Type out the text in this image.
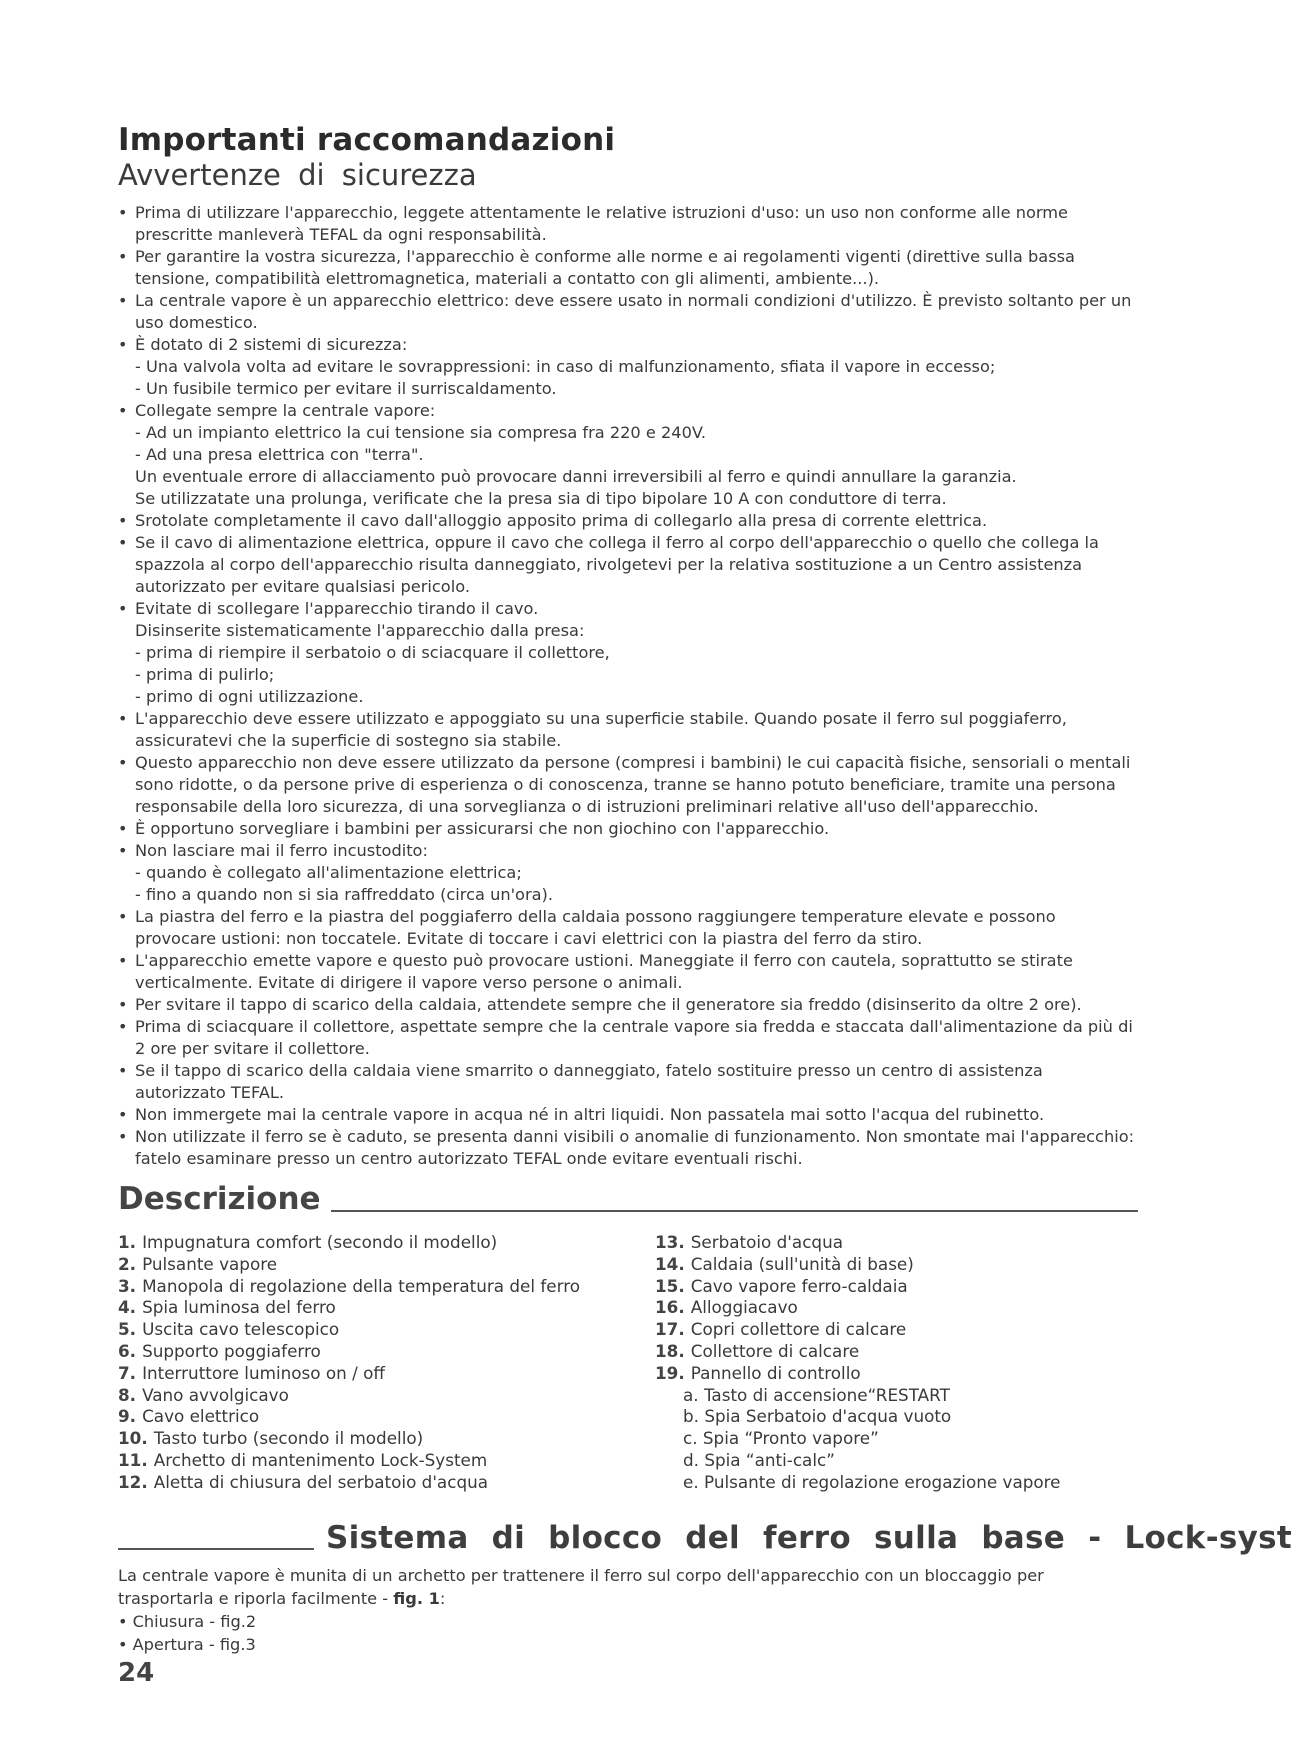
Importanti raccomandazioni
Avvertenze di sicurezza
• Prima di utilizzare l'apparecchio, leggete attentamente le relative istruzioni d'uso: un uso non conforme alle norme prescritte manleverà TEFAL da ogni responsabilità.
• Per garantire la vostra sicurezza, l'apparecchio è conforme alle norme e ai regolamenti vigenti (direttive sulla bassa tensione, compatibilità elettromagnetica, materiali a contatto con gli alimenti, ambiente...).
• La centrale vapore è un apparecchio elettrico: deve essere usato in normali condizioni d'utilizzo. È previsto soltanto per un uso domestico.
• È dotato di 2 sistemi di sicurezza:
- Una valvola volta ad evitare le sovrappressioni: in caso di malfunzionamento, sfiata il vapore in eccesso;
- Un fusibile termico per evitare il surriscaldamento.
• Collegate sempre la centrale vapore:
- Ad un impianto elettrico la cui tensione sia compresa fra 220 e 240V.
- Ad una presa elettrica con "terra".
Un eventuale errore di allacciamento può provocare danni irreversibili al ferro e quindi annullare la garanzia.
Se utilizzatate una prolunga, verificate che la presa sia di tipo bipolare 10 A con conduttore di terra.
• Srotolate completamente il cavo dall'alloggio apposito prima di collegarlo alla presa di corrente elettrica.
• Se il cavo di alimentazione elettrica, oppure il cavo che collega il ferro al corpo dell'apparecchio o quello che collega la spazzola al corpo dell'apparecchio risulta danneggiato, rivolgetevi per la relativa sostituzione a un Centro assistenza autorizzato per evitare qualsiasi pericolo.
• Evitate di scollegare l'apparecchio tirando il cavo.
Disinserite sistematicamente l'apparecchio dalla presa:
- prima di riempire il serbatoio o di sciacquare il collettore,
- prima di pulirlo;
- primo di ogni utilizzazione.
• L'apparecchio deve essere utilizzato e appoggiato su una superficie stabile. Quando posate il ferro sul poggiaferro, assicuratevi che la superficie di sostegno sia stabile.
• Questo apparecchio non deve essere utilizzato da persone (compresi i bambini) le cui capacità fisiche, sensoriali o mentali sono ridotte, o da persone prive di esperienza o di conoscenza, tranne se hanno potuto beneficiare, tramite una persona responsabile della loro sicurezza, di una sorveglianza o di istruzioni preliminari relative all'uso dell'apparecchio.
• È opportuno sorvegliare i bambini per assicurarsi che non giochino con l'apparecchio.
• Non lasciare mai il ferro incustodito:
- quando è collegato all'alimentazione elettrica;
- fino a quando non si sia raffreddato (circa un'ora).
• La piastra del ferro e la piastra del poggiaferro della caldaia possono raggiungere temperature elevate e possono provocare ustioni: non toccatele. Evitate di toccare i cavi elettrici con la piastra del ferro da stiro.
• L'apparecchio emette vapore e questo può provocare ustioni. Maneggiate il ferro con cautela, soprattutto se stirate verticalmente. Evitate di dirigere il vapore verso persone o animali.
• Per svitare il tappo di scarico della caldaia, attendete sempre che il generatore sia freddo (disinserito da oltre 2 ore).
• Prima di sciacquare il collettore, aspettate sempre che la centrale vapore sia fredda e staccata dall'alimentazione da più di 2 ore per svitare il collettore.
• Se il tappo di scarico della caldaia viene smarrito o danneggiato, fatelo sostituire presso un centro di assistenza autorizzato TEFAL.
• Non immergete mai la centrale vapore in acqua né in altri liquidi. Non passatela mai sotto l'acqua del rubinetto.
• Non utilizzate il ferro se è caduto, se presenta danni visibili o anomalie di funzionamento. Non smontate mai l'apparecchio: fatelo esaminare presso un centro autorizzato TEFAL onde evitare eventuali rischi.
Descrizione
1. Impugnatura comfort (secondo il modello)
2. Pulsante vapore
3. Manopola di regolazione della temperatura del ferro
4. Spia luminosa del ferro
5. Uscita cavo telescopico
6. Supporto poggiaferro
7. Interruttore luminoso on / off
8. Vano avvolgicavo
9. Cavo elettrico
10. Tasto turbo (secondo il modello)
11. Archetto di mantenimento Lock-System
12. Aletta di chiusura del serbatoio d'acqua
13. Serbatoio d'acqua
14. Caldaia (sull'unità di base)
15. Cavo vapore ferro-caldaia
16. Alloggiacavo
17. Copri collettore di calcare
18. Collettore di calcare
19. Pannello di controllo
a. Tasto di accensione“RESTART
b. Spia Serbatoio d'acqua vuoto
c. Spia “Pronto vapore”
d. Spia “anti-calc”
e. Pulsante di regolazione erogazione vapore
Sistema di blocco del ferro sulla base - Lock-syst
La centrale vapore è munita di un archetto per trattenere il ferro sul corpo dell'apparecchio con un bloccaggio per trasportarla e riporla facilmente - fig. 1:
• Chiusura - fig.2
• Apertura - fig.3
24
